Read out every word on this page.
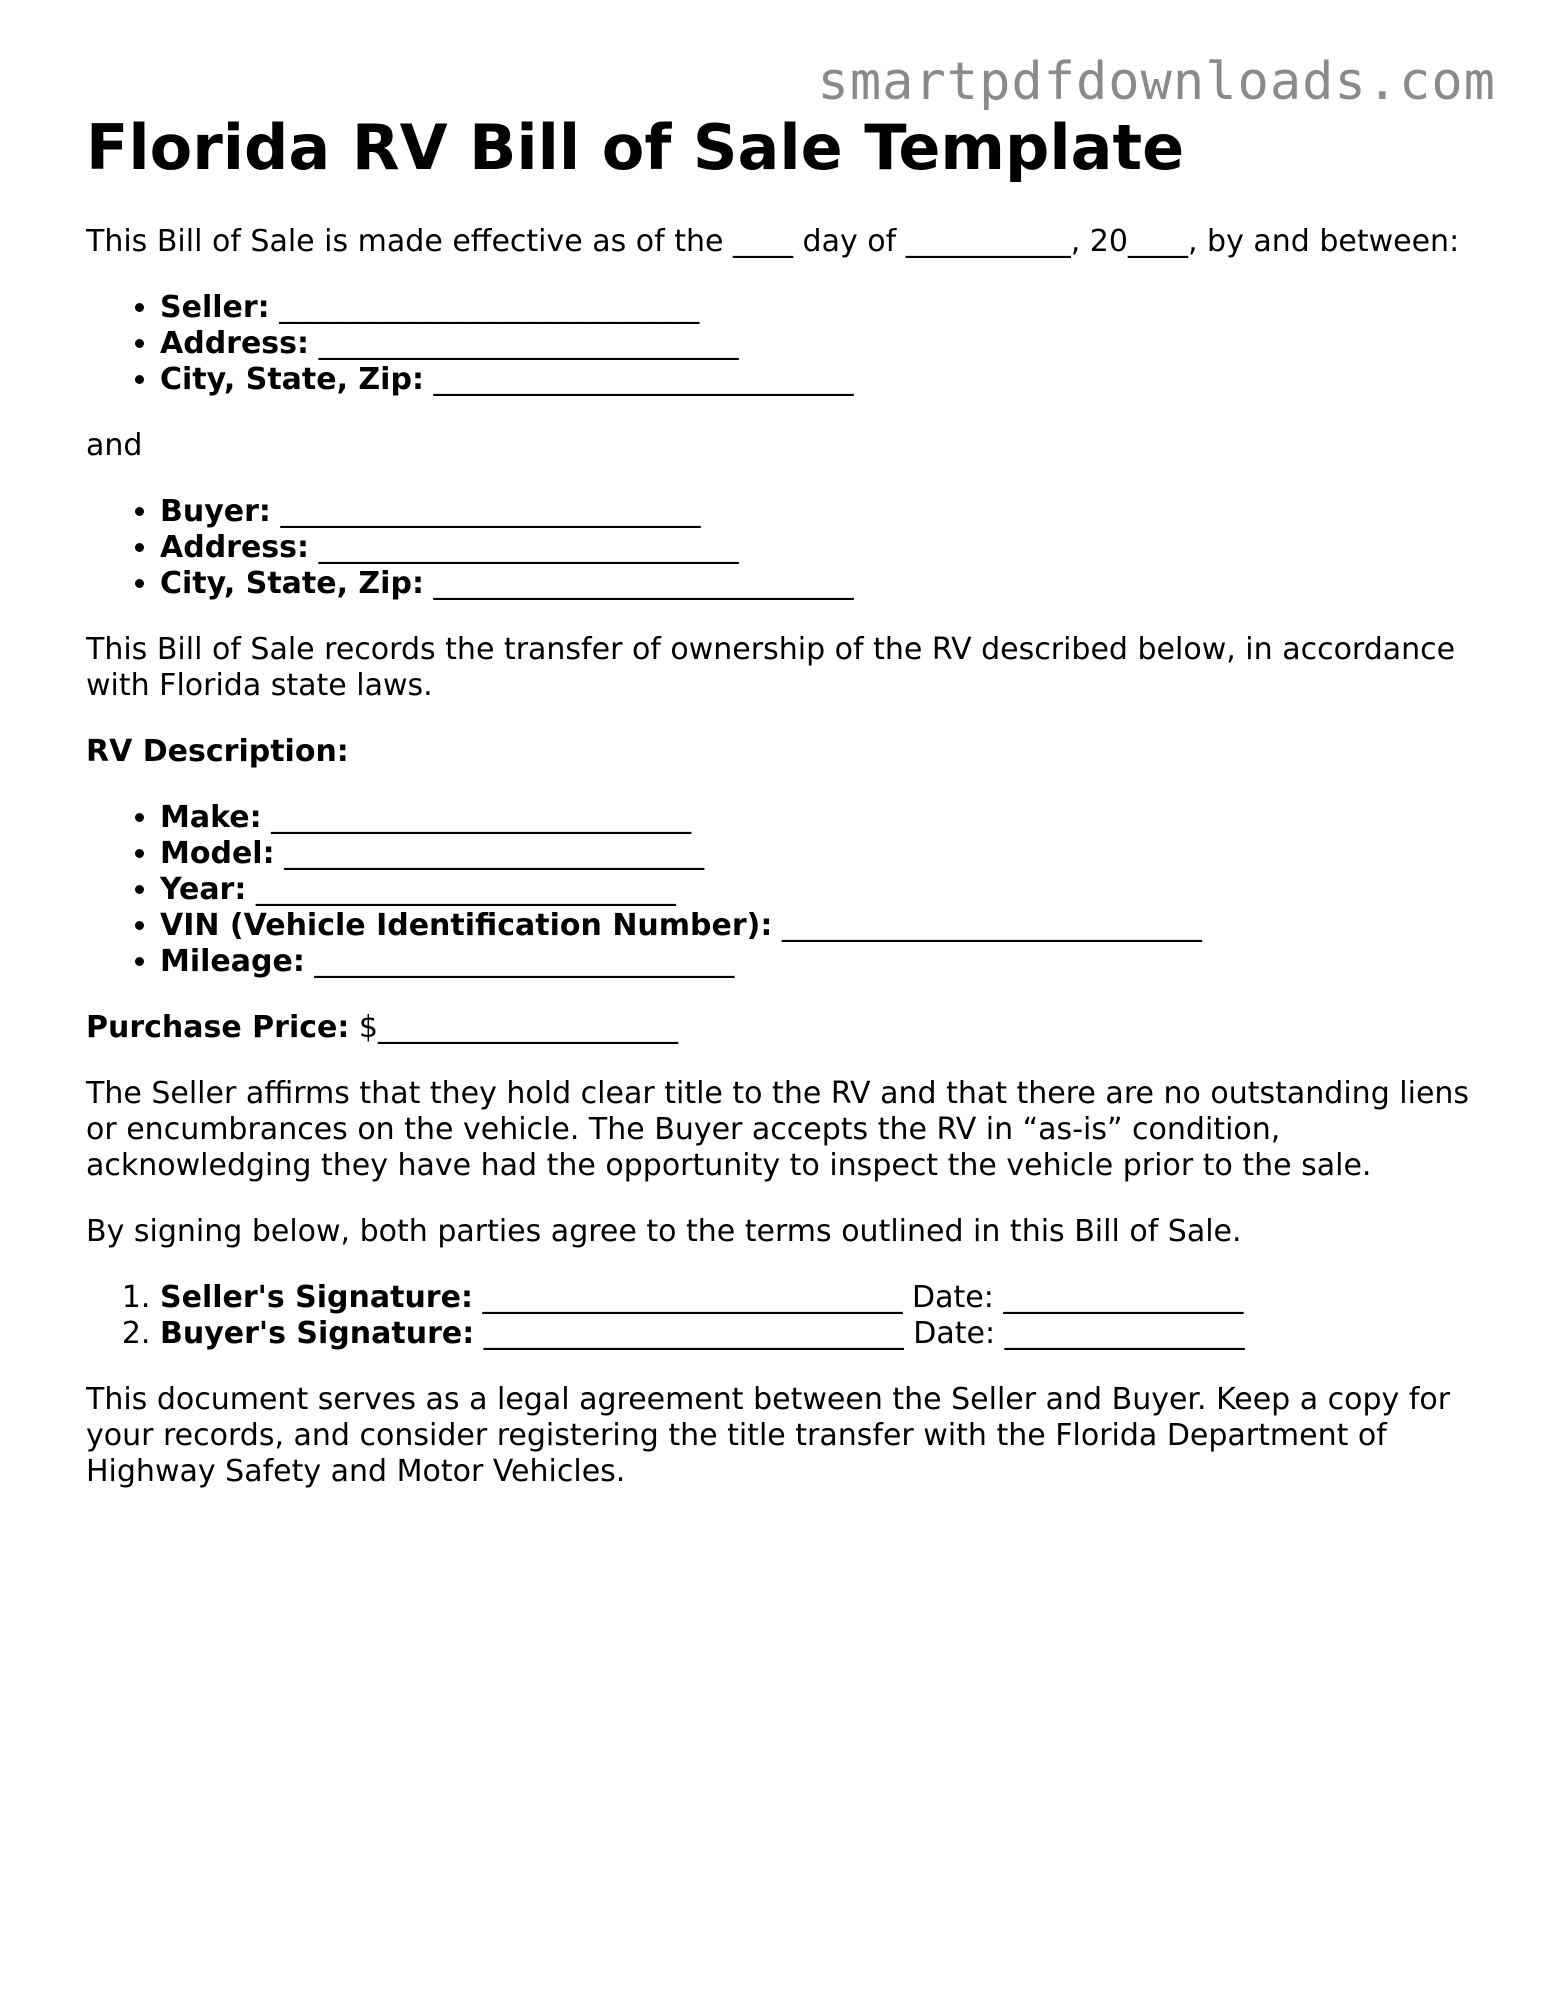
smartpdfdownloads.com
Florida RV Bill of Sale Template

This Bill of Sale is made effective as of the ____ day of ___________, 20____, by and between:

• Seller: ____________________________
• Address: ____________________________
• City, State, Zip: ____________________________

and

• Buyer: ____________________________
• Address: ____________________________
• City, State, Zip: ____________________________

This Bill of Sale records the transfer of ownership of the RV described below, in accordance with Florida state laws.

RV Description:

• Make: ____________________________
• Model: ____________________________
• Year: ____________________________
• VIN (Vehicle Identification Number): ____________________________
• Mileage: ____________________________

Purchase Price: $____________________

The Seller affirms that they hold clear title to the RV and that there are no outstanding liens or encumbrances on the vehicle. The Buyer accepts the RV in “as-is” condition, acknowledging they have had the opportunity to inspect the vehicle prior to the sale.

By signing below, both parties agree to the terms outlined in this Bill of Sale.

1. Seller's Signature: ____________________________ Date: ________________
2. Buyer's Signature: ____________________________ Date: ________________

This document serves as a legal agreement between the Seller and Buyer. Keep a copy for your records, and consider registering the title transfer with the Florida Department of Highway Safety and Motor Vehicles.
